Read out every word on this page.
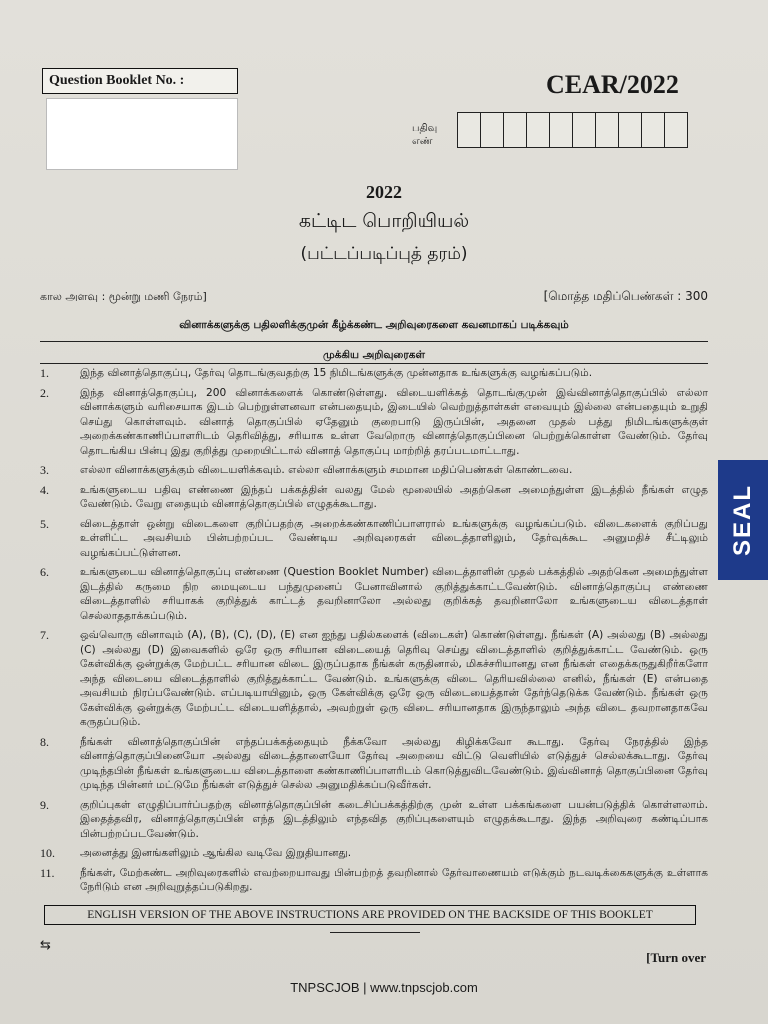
Question Booklet No. :	CEAR/2022
பதிவு எண்
2022
கட்டிட பொறியியல்
(பட்டப்படிப்புத் தரம்)
கால அளவு : மூன்று மணி நேரம்]	[மொத்த மதிப்பெண்கள் : 300
வினாக்களுக்கு பதிலளிக்குமுன் கீழ்க்கண்ட அறிவுரைகளை கவனமாகப் படிக்கவும்
முக்கிய அறிவுரைகள்
1.	இந்த வினாத்தொகுப்பு, தேர்வு தொடங்குவதற்கு 15 நிமிடங்களுக்கு முன்னதாக உங்களுக்கு வழங்கப்படும்.
2.	இந்த வினாத்தொகுப்பு, 200 வினாக்களைக் கொண்டுள்ளது. விடையளிக்கத் தொடங்குமுன் இவ்வினாத்தொகுப்பில் எல்லா வினாக்களும் வரிசையாக இடம் பெற்றுள்ளனவா என்பதையும், இடையில் வெற்றுத்தாள்கள் எவையும் இல்லை என்பதையும் உறுதி செய்து கொள்ளவும். வினாத் தொகுப்பில் ஏதேனும் குறைபாடு இருப்பின், அதனை முதல் பத்து நிமிடங்களுக்குள் அறைக்கண்காணிப்பாளரிடம் தெரிவித்து, சரியாக உள்ள வேறொரு வினாத்தொகுப்பினை பெற்றுக்கொள்ள வேண்டும். தேர்வு தொடங்கிய பின்பு இது குறித்து முறையிட்டால் வினாத் தொகுப்பு மாற்றித் தரப்படமாட்டாது.
3.	எல்லா வினாக்களுக்கும் விடையளிக்கவும். எல்லா வினாக்களும் சமமான மதிப்பெண்கள் கொண்டவை.
4.	உங்களுடைய பதிவு எண்ணை இந்தப் பக்கத்தின் வலது மேல் மூலையில் அதற்கென அமைந்துள்ள இடத்தில் நீங்கள் எழுத வேண்டும். வேறு எதையும் வினாத்தொகுப்பில் எழுதக்கூடாது.
5.	விடைத்தாள் ஒன்று விடைகளை குறிப்பதற்கு அறைக்கண்காணிப்பாளரால் உங்களுக்கு வழங்கப்படும். விடைகளைக் குறிப்பது உள்ளிட்ட அவசியம் பின்பற்றப்பட வேண்டிய அறிவுரைகள் விடைத்தாளிலும், தேர்வுக்கூட அனுமதிச் சீட்டிலும் வழங்கப்பட்டுள்ளன.
6.	உங்களுடைய வினாத்தொகுப்பு எண்ணை (Question Booklet Number) விடைத்தாளின் முதல் பக்கத்தில் அதற்கென அமைந்துள்ள இடத்தில் கருமை நிற மையுடைய பந்துமுனைப் பேனாவினால் குறித்துக்காட்டவேண்டும். வினாத்தொகுப்பு எண்ணை விடைத்தாளில் சரியாகக் குறித்துக் காட்டத் தவறினாலோ அல்லது குறிக்கத் தவறினாலோ உங்களுடைய விடைத்தாள் செல்லாததாக்கப்படும்.
7.	ஒவ்வொரு வினாவும் (A), (B), (C), (D), (E) என ஐந்து பதில்களைக் (விடைகள்) கொண்டுள்ளது. நீங்கள் (A) அல்லது (B) அல்லது (C) அல்லது (D) இவைகளில் ஒரே ஒரு சரியான விடையைத் தெரிவு செய்து விடைத்தாளில் குறித்துக்காட்ட வேண்டும். ஒரு கேள்விக்கு ஒன்றுக்கு மேற்பட்ட சரியான விடை இருப்பதாக நீங்கள் கருதினால், மிகச்சரியானது என நீங்கள் எதைக்கருதுகிறீர்களோ அந்த விடையை விடைத்தாளில் குறித்துக்காட்ட வேண்டும். உங்களுக்கு விடை தெரியவில்லை எனில், நீங்கள் (E) என்பதை அவசியம் நிரப்பவேண்டும். எப்படியாயினும், ஒரு கேள்விக்கு ஒரே ஒரு விடையைத்தான் தேர்ந்தெடுக்க வேண்டும். நீங்கள் ஒரு கேள்விக்கு ஒன்றுக்கு மேற்பட்ட விடையளித்தால், அவற்றுள் ஒரு விடை சரியானதாக இருந்தாலும் அந்த விடை தவறானதாகவே கருதப்படும்.
8.	நீங்கள் வினாத்தொகுப்பின் எந்தப்பக்கத்தையும் நீக்கவோ அல்லது கிழிக்கவோ கூடாது. தேர்வு நேரத்தில் இந்த வினாத்தொகுப்பினையோ அல்லது விடைத்தாளையோ தேர்வு அறையை விட்டு வெளியில் எடுத்துச் செல்லக்கூடாது. தேர்வு முடிந்தபின் நீங்கள் உங்களுடைய விடைத்தாளை கண்காணிப்பாளரிடம் கொடுத்துவிடவேண்டும். இவ்வினாத் தொகுப்பினை தேர்வு முடிந்த பின்னர் மட்டுமே நீங்கள் எடுத்துச் செல்ல அனுமதிக்கப்படுவீர்கள்.
9.	குறிப்புகள் எழுதிப்பார்ப்பதற்கு வினாத்தொகுப்பின் கடைசிப்பக்கத்திற்கு முன் உள்ள பக்கங்களை பயன்படுத்திக் கொள்ளலாம். இதைத்தவிர, வினாத்தொகுப்பின் எந்த இடத்திலும் எந்தவித குறிப்புகளையும் எழுதக்கூடாது. இந்த அறிவுரை கண்டிப்பாக பின்பற்றப்படவேண்டும்.
10.	அனைத்து இனங்களிலும் ஆங்கில வடிவே இறுதியானது.
11.	நீங்கள், மேற்கண்ட அறிவுரைகளில் எவற்றையாவது பின்பற்றத் தவறினால் தேர்வாணையம் எடுக்கும் நடவடிக்கைகளுக்கு உள்ளாக நேரிடும் என அறிவுறுத்தப்படுகிறது.
ENGLISH VERSION OF THE ABOVE INSTRUCTIONS ARE PROVIDED ON THE BACKSIDE OF THIS BOOKLET
⇆
[Turn over
TNPSCJOB | www.tnpscjob.com
SEAL
